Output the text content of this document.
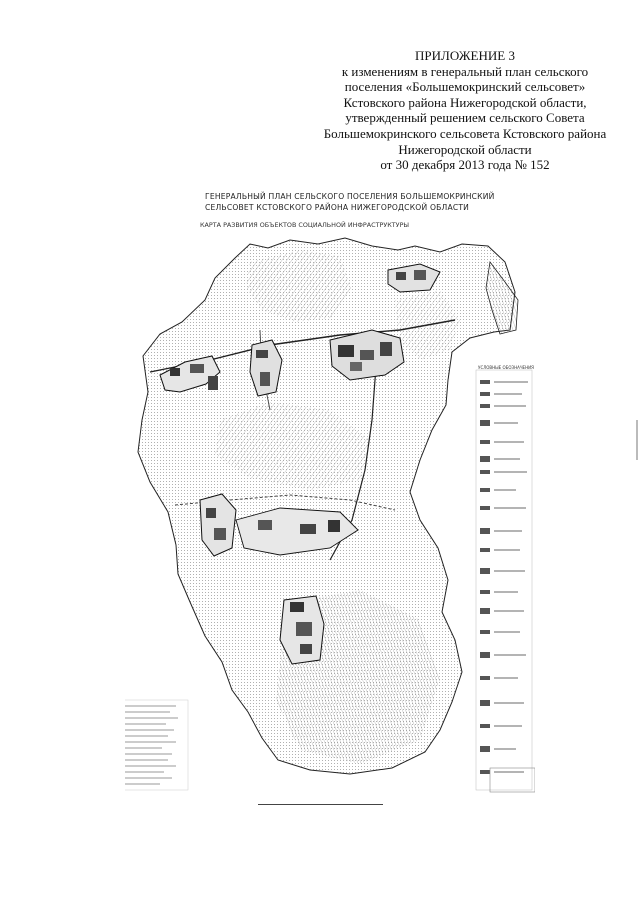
ПРИЛОЖЕНИЕ 3
к изменениям в генеральный план сельского
поселения «Большемокринский сельсовет»
Кстовского района Нижегородской области,
утвержденный решением сельского Совета
Большемокринского сельсовета Кстовского района
Нижегородской области
от 30 декабря 2013 года № 152
ГЕНЕРАЛЬНЫЙ ПЛАН СЕЛЬСКОГО ПОСЕЛЕНИЯ БОЛЬШЕМОКРИНСКИЙ
СЕЛЬСОВЕТ КСТОВСКОГО РАЙОНА НИЖЕГОРОДСКОЙ ОБЛАСТИ
КАРТА РАЗВИТИЯ ОБЪЕКТОВ СОЦИАЛЬНОЙ ИНФРАСТРУКТУРЫ
УСЛОВНЫЕ ОБОЗНАЧЕНИЯ
